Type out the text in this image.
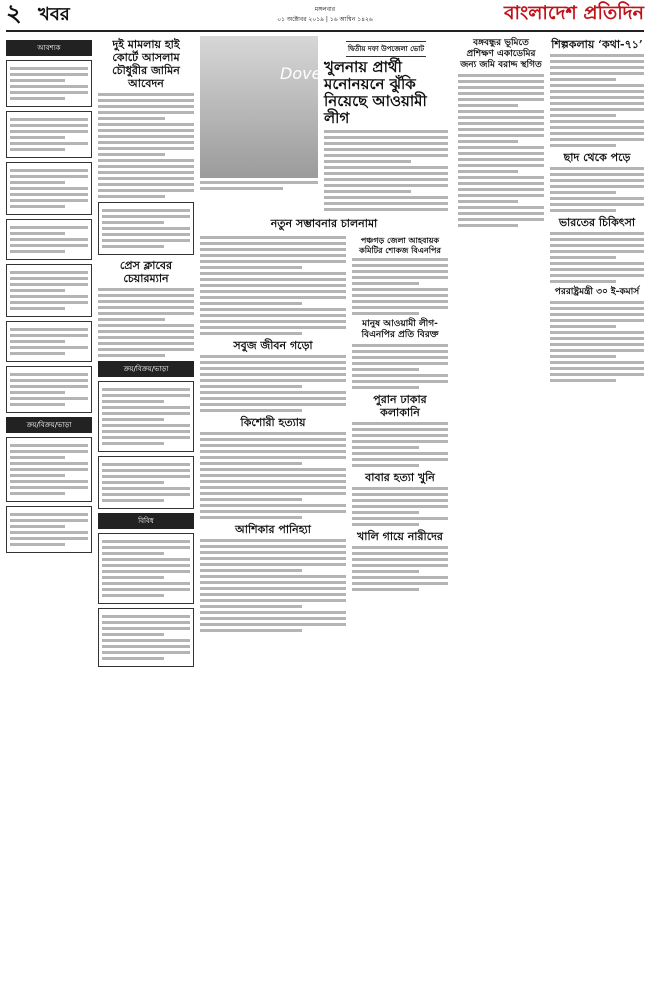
২ খবর	মঙ্গলবার
০১ অক্টোবর ২০১৯ | ১৬ আশ্বিন ১৪২৬	বাংলাদেশ প্রতিদিন
আবশ্যক
ক্রয়/বিক্রয়/ভাড়া
দুই মামলায় হাই কোর্টে আসলাম চৌধুরীর জামিন আবেদন
প্রেস ক্লাবের চেয়ারম্যান
ক্রয়/বিক্রয়/ভাড়া
বিবিধ
Dove
দ্বিতীয় দফা উপজেলা ভোট
খুলনায় প্রার্থী মনোনয়নে ঝুঁকি নিয়েছে আওয়ামী লীগ
নতুন সম্ভাবনার চালনামা
সবুজ জীবন গড়ো
কিশোরী হত্যায়
আশিকার পানিহ্যা
পঞ্চগড় জেলা আহবায়ক কমিটির শোকজ বিএনপির
মানুষ আওয়ামী লীগ-বিএনপির প্রতি বিরক্ত
পুরান ঢাকার কলাকানি
বাবার হত্যা খুনি
খালি গায়ে নারীদের
বঙ্গবন্ধুর ভূমিতে প্রশিক্ষণ একাডেমির জন্য জমি বরাদ্দ স্থগিত
শিল্পকলায় ‘কথা-৭১’
ছাদ থেকে পড়ে
ভারতের চিকিৎসা
পররাষ্ট্রমন্ত্রী ৩০ ই-কমার্স
